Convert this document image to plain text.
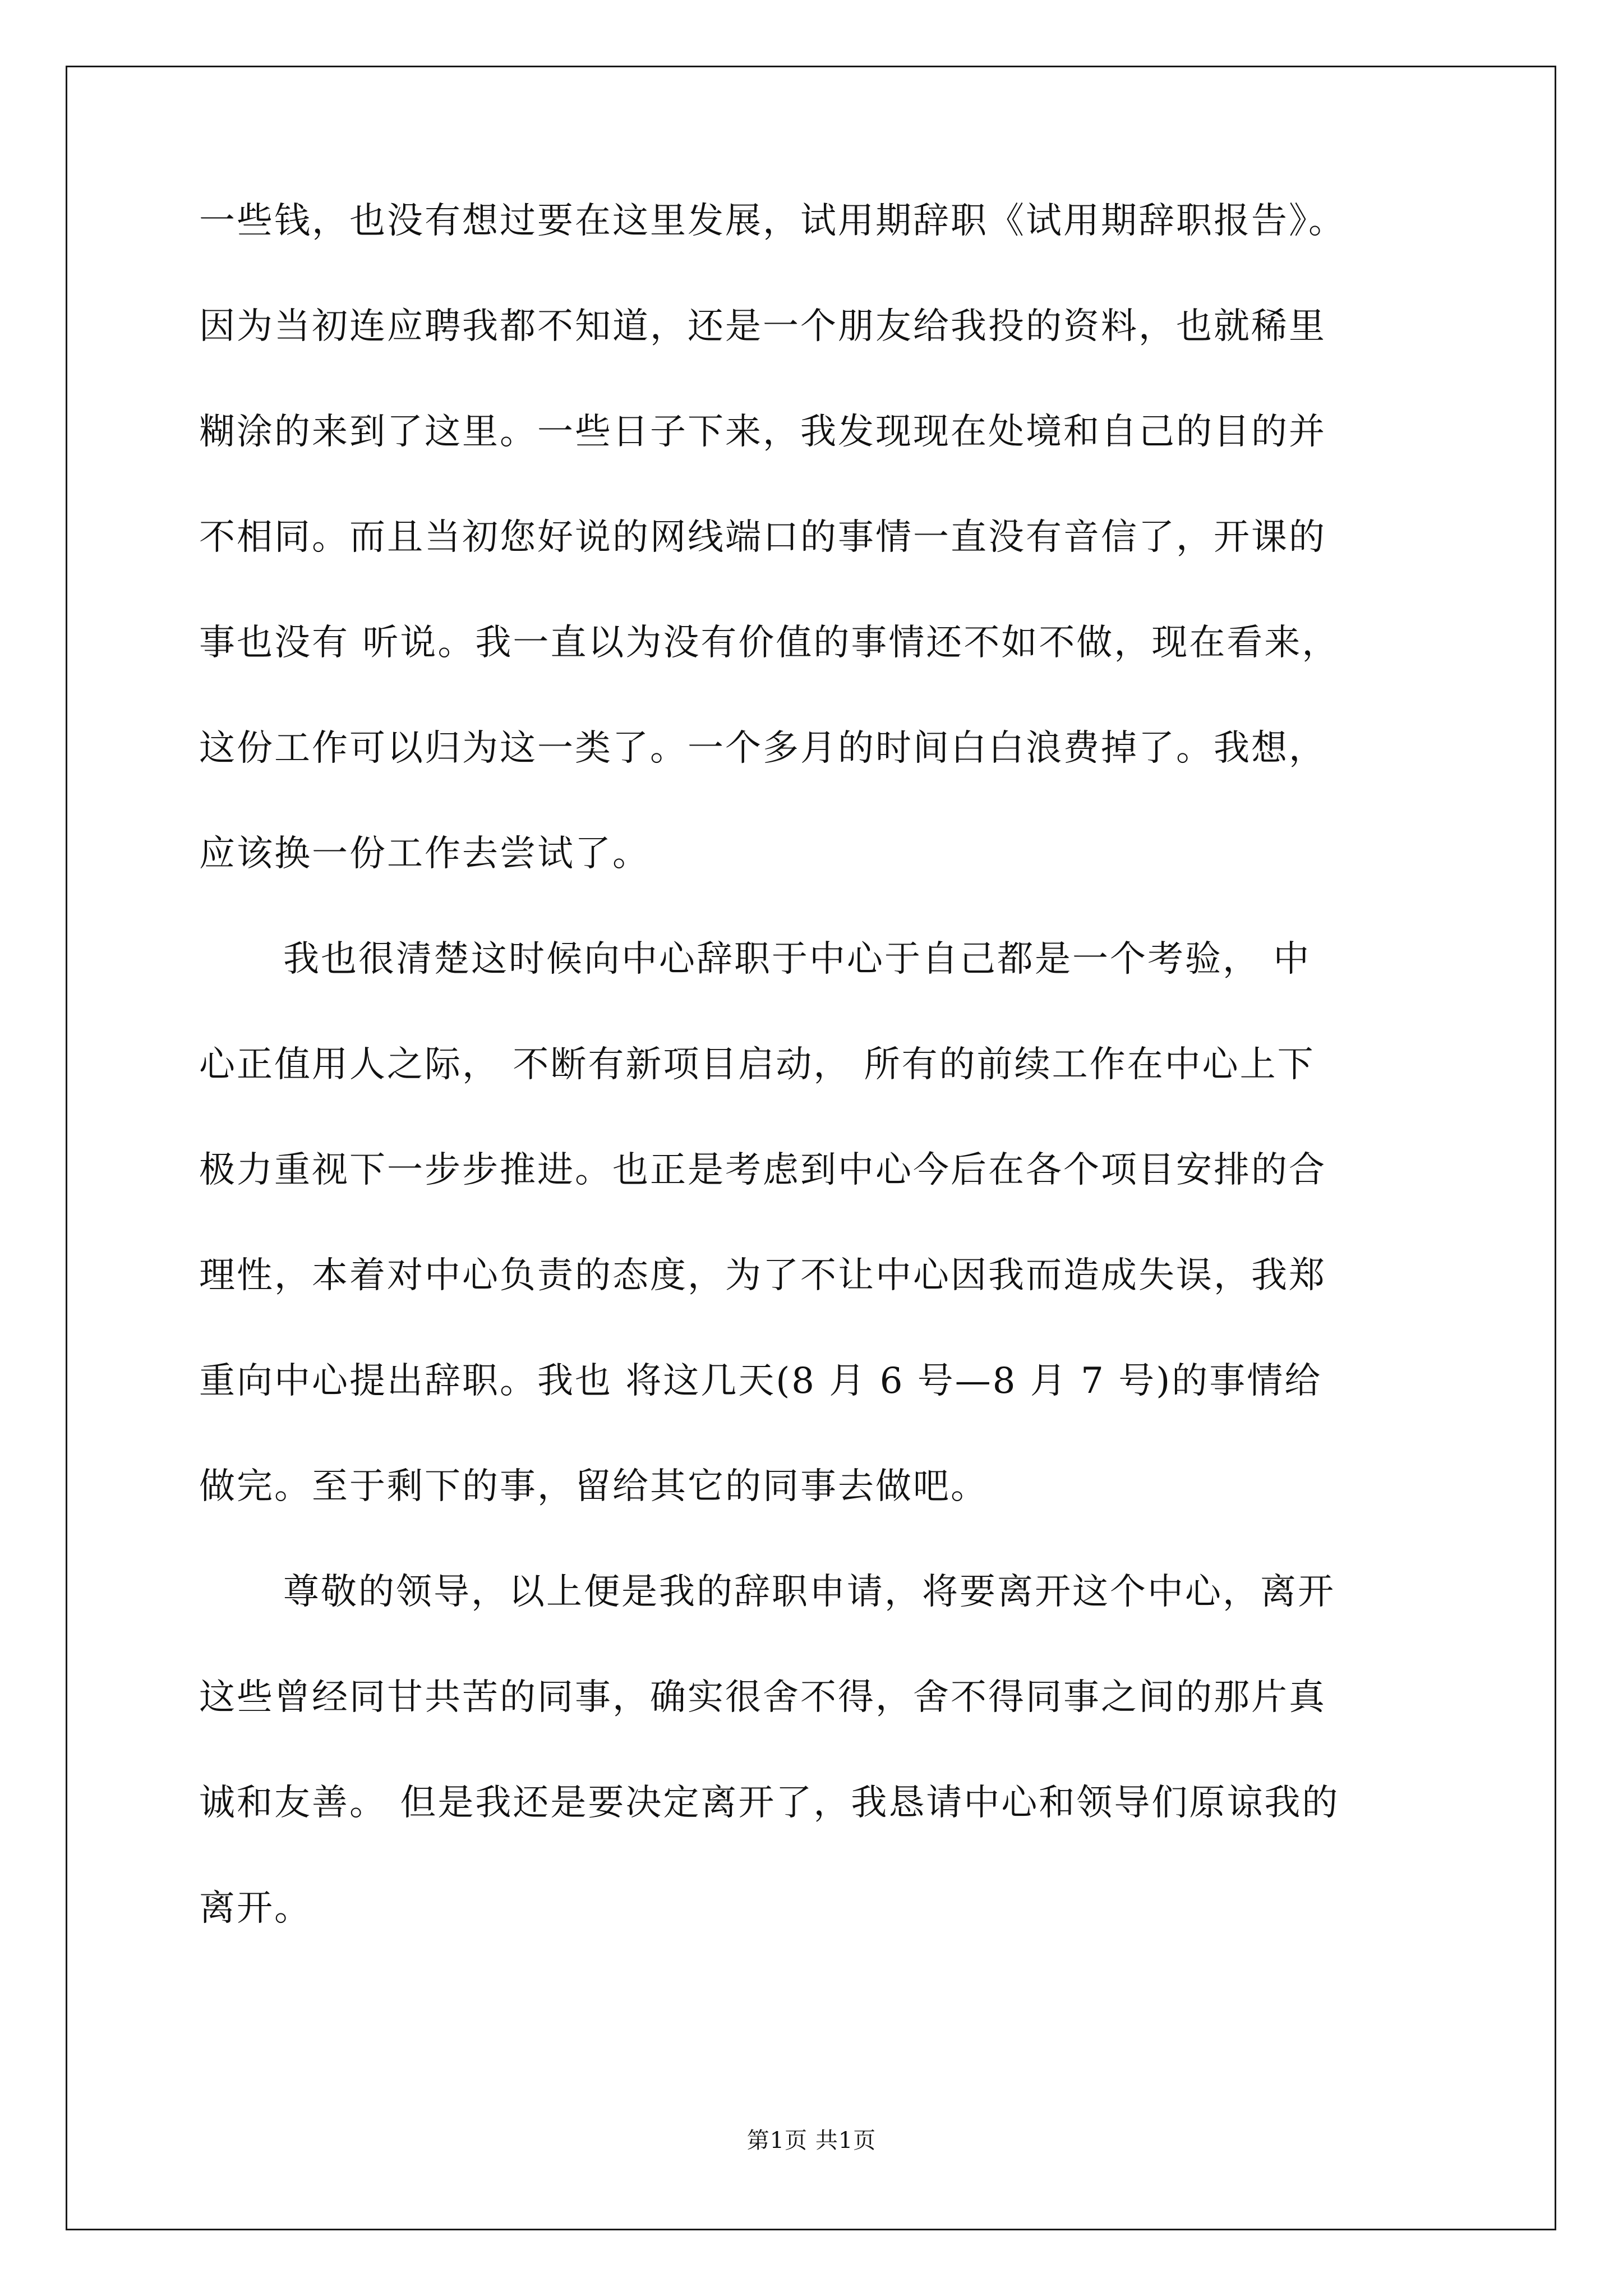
一些钱，也没有想过要在这里发展，试用期辞职《试用期辞职报告》。
因为当初连应聘我都不知道，还是一个朋友给我投的资料，也就稀里
糊涂的来到了这里。一些日子下来，我发现现在处境和自己的目的并
不相同。而且当初您好说的网线端口的事情一直没有音信了，开课的
事也没有 听说。我一直以为没有价值的事情还不如不做，现在看来，
这份工作可以归为这一类了。一个多月的时间白白浪费掉了。我想，
应该换一份工作去尝试了。
我也很清楚这时候向中心辞职于中心于自己都是一个考验， 中
心正值用人之际， 不断有新项目启动， 所有的前续工作在中心上下
极力重视下一步步推进。也正是考虑到中心今后在各个项目安排的合
理性，本着对中心负责的态度，为了不让中心因我而造成失误，我郑
重向中心提出辞职。我也 将这几天(8 月 6 号—8 月 7 号)的事情给
做完。至于剩下的事，留给其它的同事去做吧。
尊敬的领导，以上便是我的辞职申请，将要离开这个中心，离开
这些曾经同甘共苦的同事，确实很舍不得，舍不得同事之间的那片真
诚和友善。 但是我还是要决定离开了，我恳请中心和领导们原谅我的
离开。
第1页 共1页
